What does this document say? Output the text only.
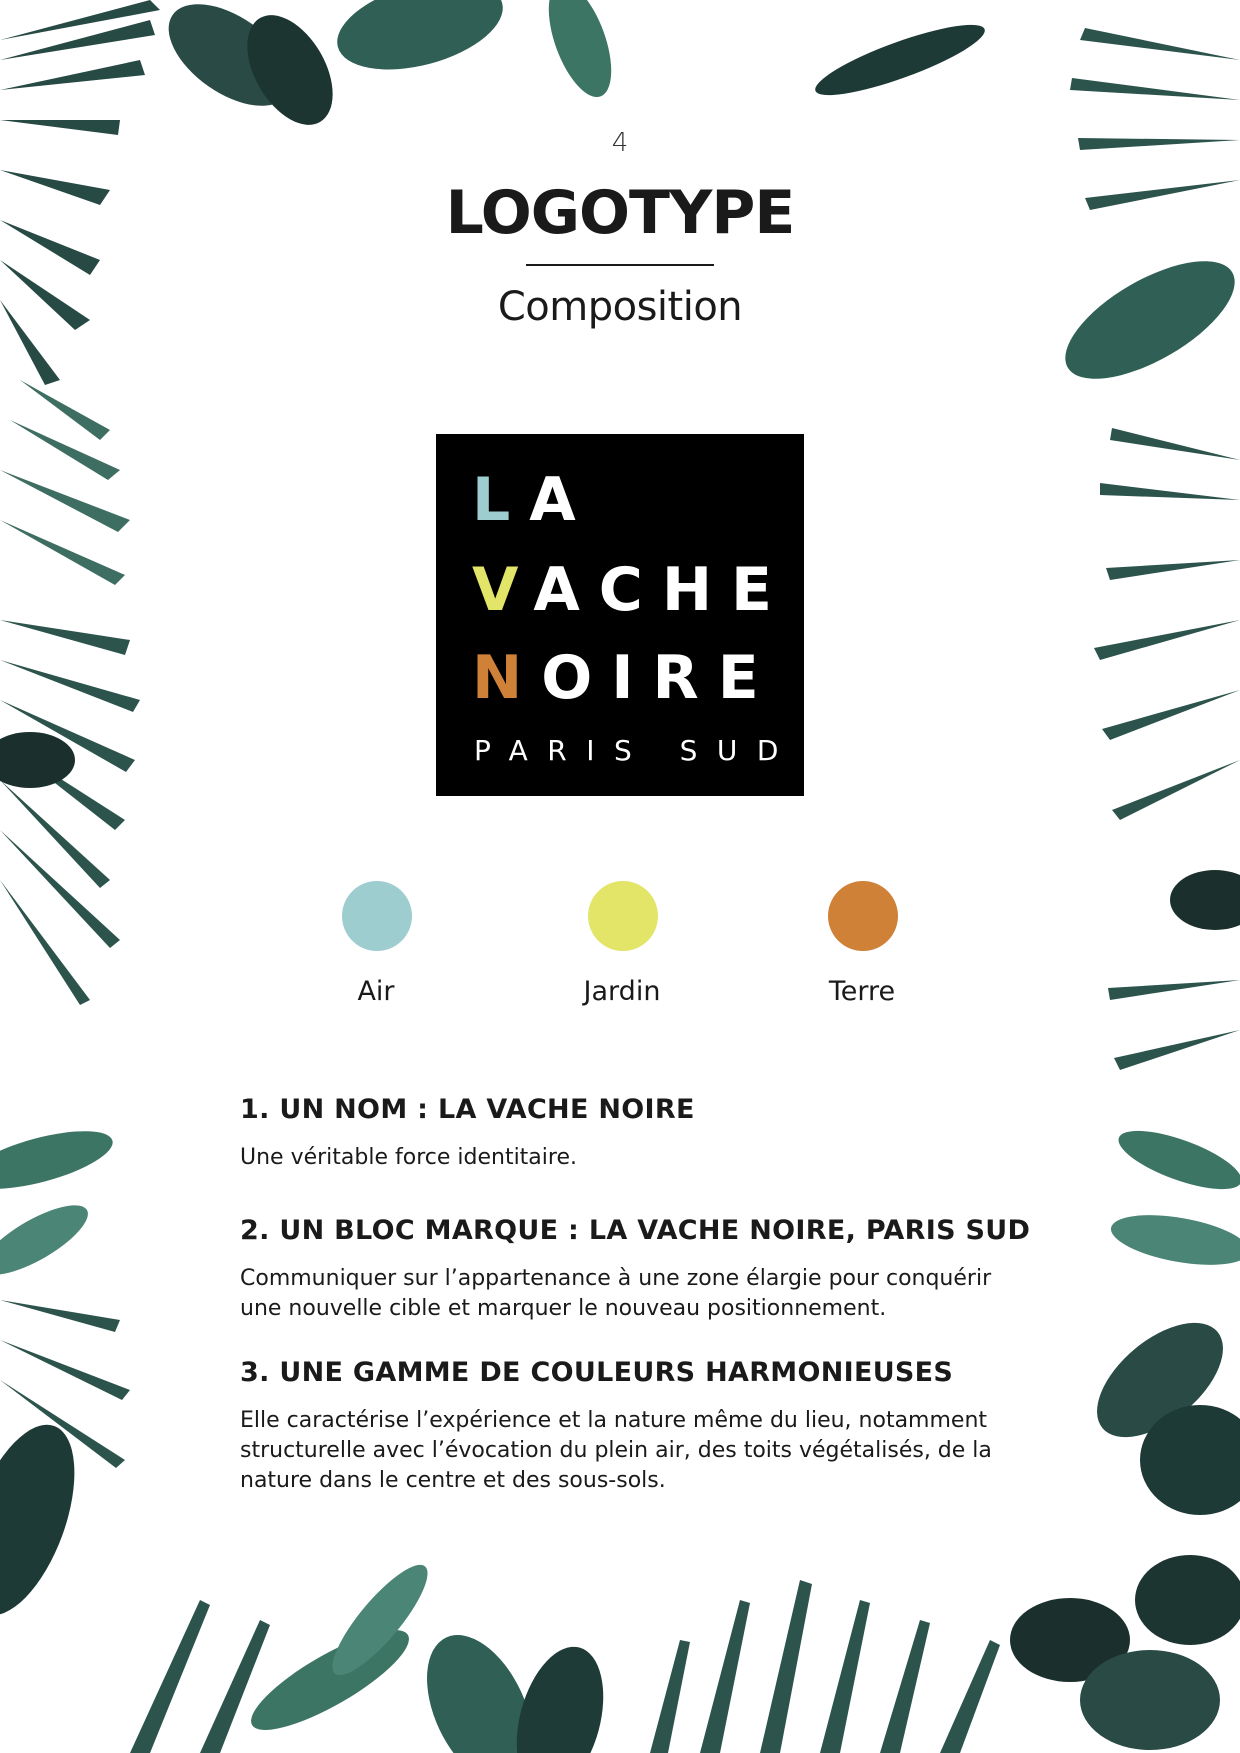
4
LOGOTYPE
Composition
LA
VACHE
NOIRE
PARIS SUD
Air	Jardin	Terre
1. UN NOM : LA VACHE NOIRE

Une véritable force identitaire.

2. UN BLOC MARQUE : LA VACHE NOIRE, PARIS SUD

Communiquer sur l’appartenance à une zone élargie pour conquérir une nouvelle cible et marquer le nouveau positionnement.

3. UNE GAMME DE COULEURS HARMONIEUSES

Elle caractérise l’expérience et la nature même du lieu, notamment structurelle avec l’évocation du plein air, des toits végétalisés, de la nature dans le centre et des sous-sols.
